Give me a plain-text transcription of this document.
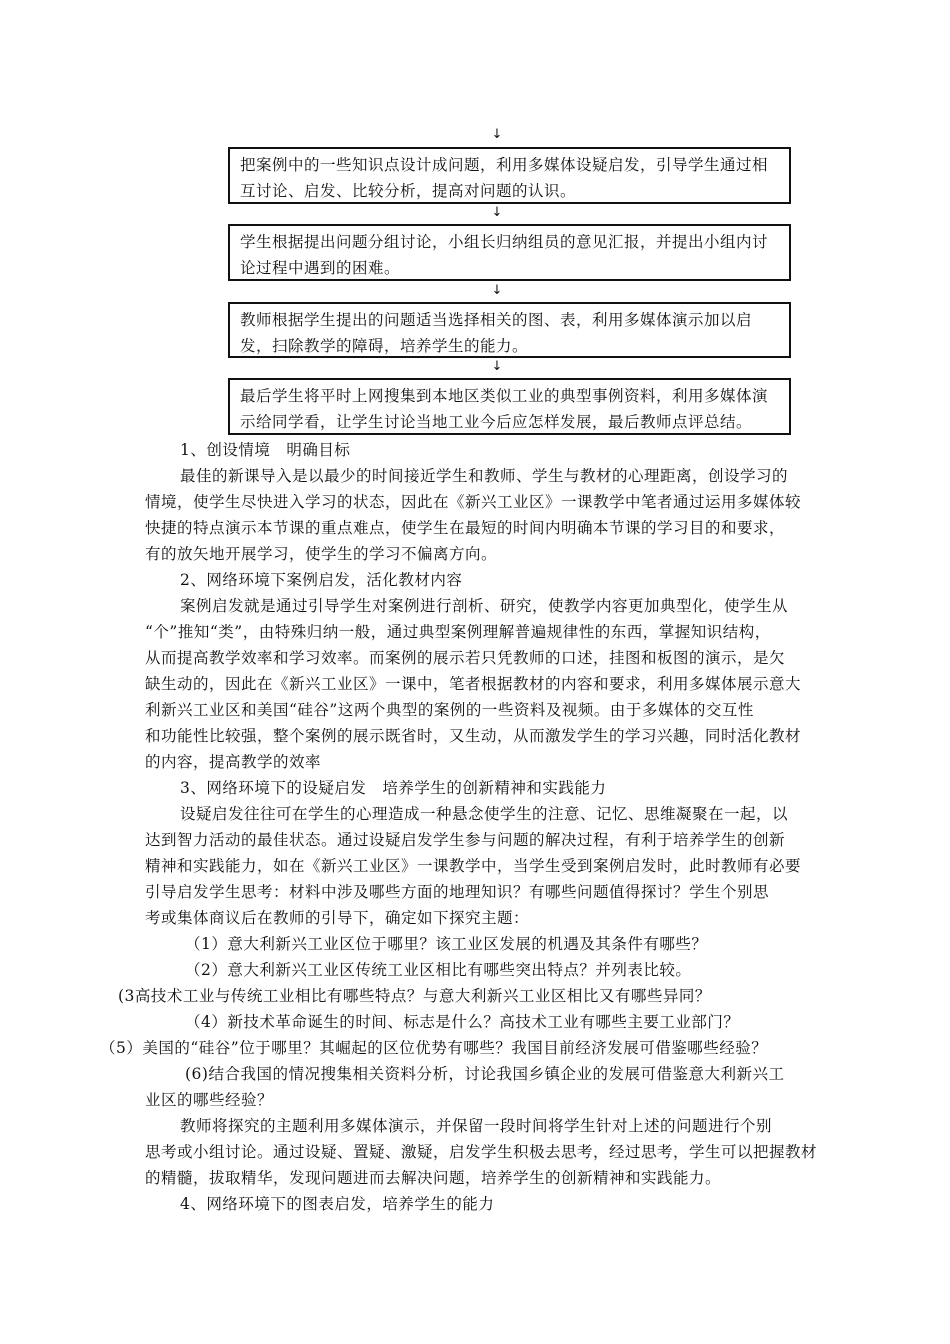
↓
把案例中的一些知识点设计成问题，利用多媒体设疑启发，引导学生通过相互讨论、启发、比较分析，提高对问题的认识。
↓
学生根据提出问题分组讨论，小组长归纳组员的意见汇报，并提出小组内讨论过程中遇到的困难。
↓
教师根据学生提出的问题适当选择相关的图、表，利用多媒体演示加以启发，扫除教学的障碍，培养学生的能力。
↓
最后学生将平时上网搜集到本地区类似工业的典型事例资料，利用多媒体演示给同学看，让学生讨论当地工业今后应怎样发展，最后教师点评总结。
1、创设情境　明确目标
最佳的新课导入是以最少的时间接近学生和教师、学生与教材的心理距离，创设学习的
情境，使学生尽快进入学习的状态，因此在《新兴工业区》一课教学中笔者通过运用多媒体较
快捷的特点演示本节课的重点难点，使学生在最短的时间内明确本节课的学习目的和要求，
有的放矢地开展学习，使学生的学习不偏离方向。
2、网络环境下案例启发，活化教材内容
案例启发就是通过引导学生对案例进行剖析、研究，使教学内容更加典型化，使学生从
“个”推知“类”，由特殊归纳一般，通过典型案例理解普遍规律性的东西，掌握知识结构，
从而提高教学效率和学习效率。而案例的展示若只凭教师的口述，挂图和板图的演示，是欠
缺生动的，因此在《新兴工业区》一课中，笔者根据教材的内容和要求，利用多媒体展示意大
利新兴工业区和美国“硅谷”这两个典型的案例的一些资料及视频。由于多媒体的交互性
和功能性比较强，整个案例的展示既省时，又生动，从而激发学生的学习兴趣，同时活化教材
的内容，提高教学的效率
3、网络环境下的设疑启发　培养学生的创新精神和实践能力
设疑启发往往可在学生的心理造成一种悬念使学生的注意、记忆、思维凝聚在一起，以
达到智力活动的最佳状态。通过设疑启发学生参与问题的解决过程，有利于培养学生的创新
精神和实践能力，如在《新兴工业区》一课教学中，当学生受到案例启发时，此时教师有必要
引导启发学生思考：材料中涉及哪些方面的地理知识？有哪些问题值得探讨？学生个别思
考或集体商议后在教师的引导下，确定如下探究主题：
（1）意大利新兴工业区位于哪里？该工业区发展的机遇及其条件有哪些？
（2）意大利新兴工业区传统工业区相比有哪些突出特点？并列表比较。
(3高技术工业与传统工业相比有哪些特点？与意大利新兴工业区相比又有哪些异同？
（4）新技术革命诞生的时间、标志是什么？高技术工业有哪些主要工业部门？
（5）美国的“硅谷”位于哪里？其崛起的区位优势有哪些？我国目前经济发展可借鉴哪些经验？
(6)结合我国的情况搜集相关资料分析，讨论我国乡镇企业的发展可借鉴意大利新兴工
业区的哪些经验？
教师将探究的主题利用多媒体演示，并保留一段时间将学生针对上述的问题进行个别
思考或小组讨论。通过设疑、置疑、激疑，启发学生积极去思考，经过思考，学生可以把握教材
的精髓，拔取精华，发现问题进而去解决问题，培养学生的创新精神和实践能力。
4、网络环境下的图表启发，培养学生的能力
